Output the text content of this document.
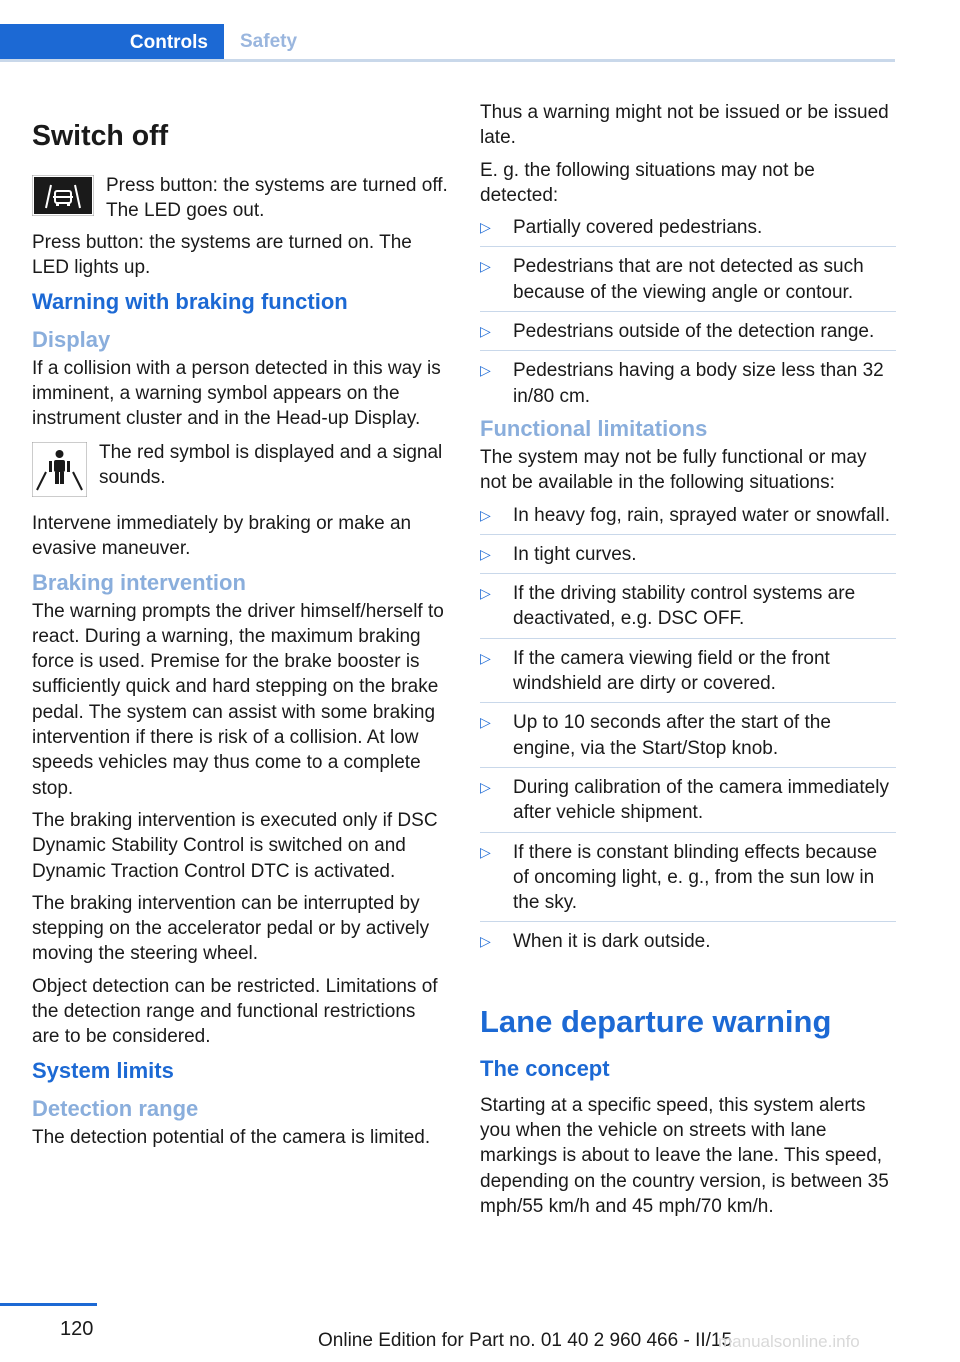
Controls	Safety
Switch off
Press button: the systems are turned off. The LED goes out.

Press button: the systems are turned on. The LED lights up.

Warning with braking function
Display

If a collision with a person detected in this way is imminent, a warning symbol appears on the instrument cluster and in the Head-up Display.

The red symbol is displayed and a signal sounds.

Intervene immediately by braking or make an evasive maneuver.

Braking intervention

The warning prompts the driver himself/herself to react. During a warning, the maximum braking force is used. Premise for the brake booster is sufficiently quick and hard stepping on the brake pedal. The system can assist with some braking intervention if there is risk of a collision. At low speeds vehicles may thus come to a complete stop.

The braking intervention is executed only if DSC Dynamic Stability Control is switched on and Dynamic Traction Control DTC is activated.

The braking intervention can be interrupted by stepping on the accelerator pedal or by actively moving the steering wheel.

Object detection can be restricted. Limitations of the detection range and functional restrictions are to be considered.

System limits
Detection range

The detection potential of the camera is limited.

Thus a warning might not be issued or be issued late.

E. g. the following situations may not be detected:

▷ Partially covered pedestrians.
▷ Pedestrians that are not detected as such because of the viewing angle or contour.
▷ Pedestrians outside of the detection range.
▷ Pedestrians having a body size less than 32 in/80 cm.
Functional limitations

The system may not be fully functional or may not be available in the following situations:

▷ In heavy fog, rain, sprayed water or snowfall.
▷ In tight curves.
▷ If the driving stability control systems are deactivated, e.g. DSC OFF.
▷ If the camera viewing field or the front windshield are dirty or covered.
▷ Up to 10 seconds after the start of the engine, via the Start/Stop knob.
▷ During calibration of the camera immediately after vehicle shipment.
▷ If there is constant blinding effects because of oncoming light, e. g., from the sun low in the sky.
▷ When it is dark outside.
Lane departure warning
The concept

Starting at a specific speed, this system alerts you when the vehicle on streets with lane markings is about to leave the lane. This speed, depending on the country version, is between 35 mph/55 km/h and 45 mph/70 km/h.

120
Online Edition for Part no. 01 40 2 960 466 - II/15
manualsonline.info
